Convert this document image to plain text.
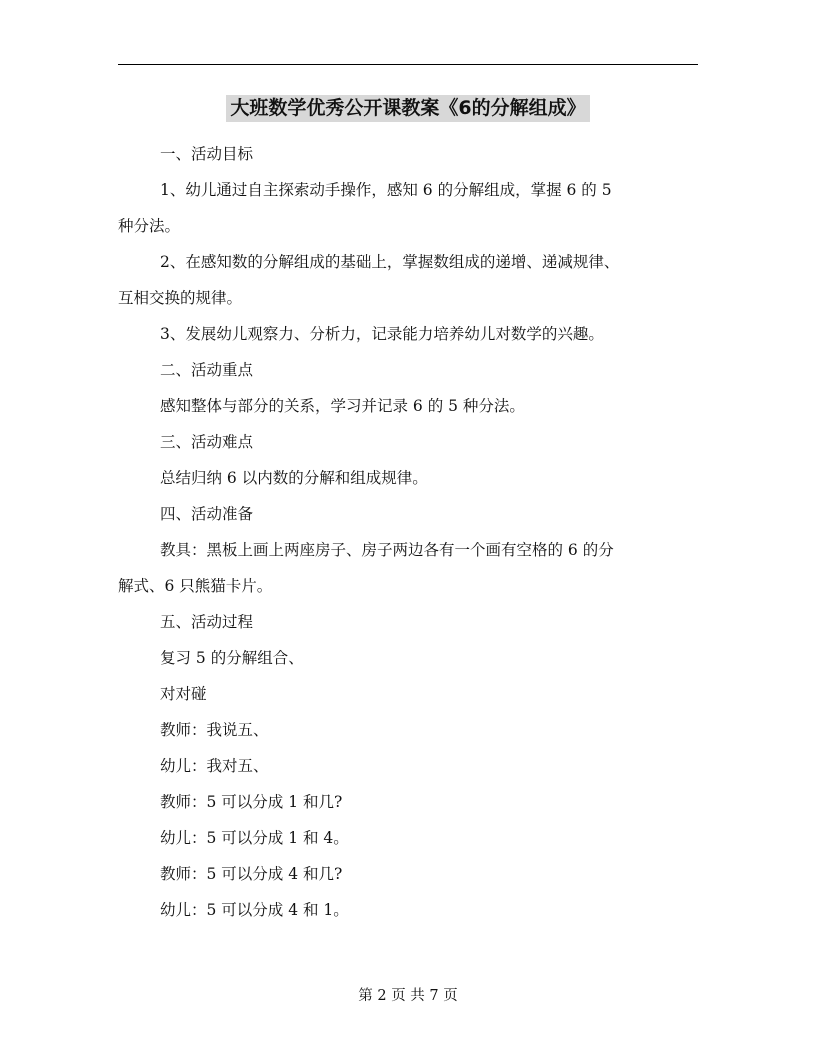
大班数学优秀公开课教案《6的分解组成》

一、活动目标

1、幼儿通过自主探索动手操作，感知 6 的分解组成，掌握 6 的 5

种分法。

2、在感知数的分解组成的基础上，掌握数组成的递增、递减规律、

互相交换的规律。

3、发展幼儿观察力、分析力，记录能力培养幼儿对数学的兴趣。

二、活动重点

感知整体与部分的关系，学习并记录 6 的 5 种分法。

三、活动难点

总结归纳 6 以内数的分解和组成规律。

四、活动准备

教具：黑板上画上两座房子、房子两边各有一个画有空格的 6 的分

解式、6 只熊猫卡片。

五、活动过程

复习 5 的分解组合、

对对碰

教师：我说五、

幼儿：我对五、

教师：5 可以分成 1 和几?

幼儿：5 可以分成 1 和 4。

教师：5 可以分成 4 和几?

幼儿：5 可以分成 4 和 1。

第 2 页 共 7 页
